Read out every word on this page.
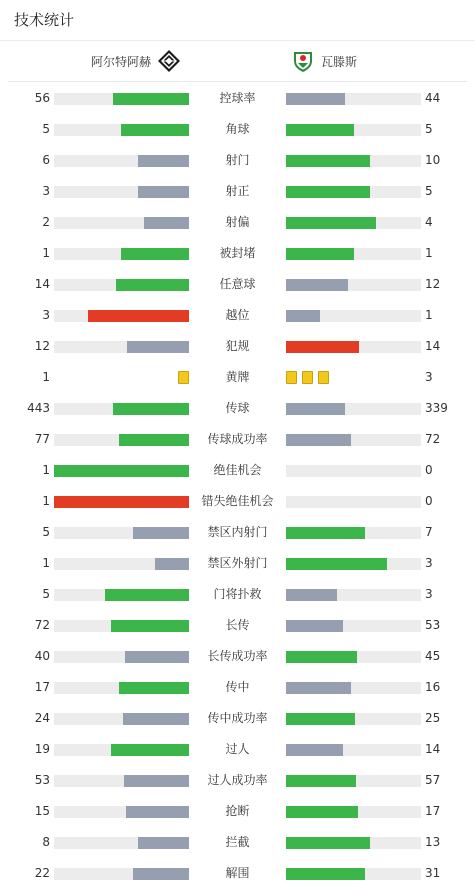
技术统计
阿尔特阿赫	瓦滕斯
56	控球率	44
5	角球	5
6	射门	10
3	射正	5
2	射偏	4
1	被封堵	1
14	任意球	12
3	越位	1
12	犯规	14
1	黄牌	3
443	传球	339
77	传球成功率	72
1	绝佳机会	0
1	错失绝佳机会	0
5	禁区内射门	7
1	禁区外射门	3
5	门将扑救	3
72	长传	53
40	长传成功率	45
17	传中	16
24	传中成功率	25
19	过人	14
53	过人成功率	57
15	抢断	17
8	拦截	13
22	解围	31
